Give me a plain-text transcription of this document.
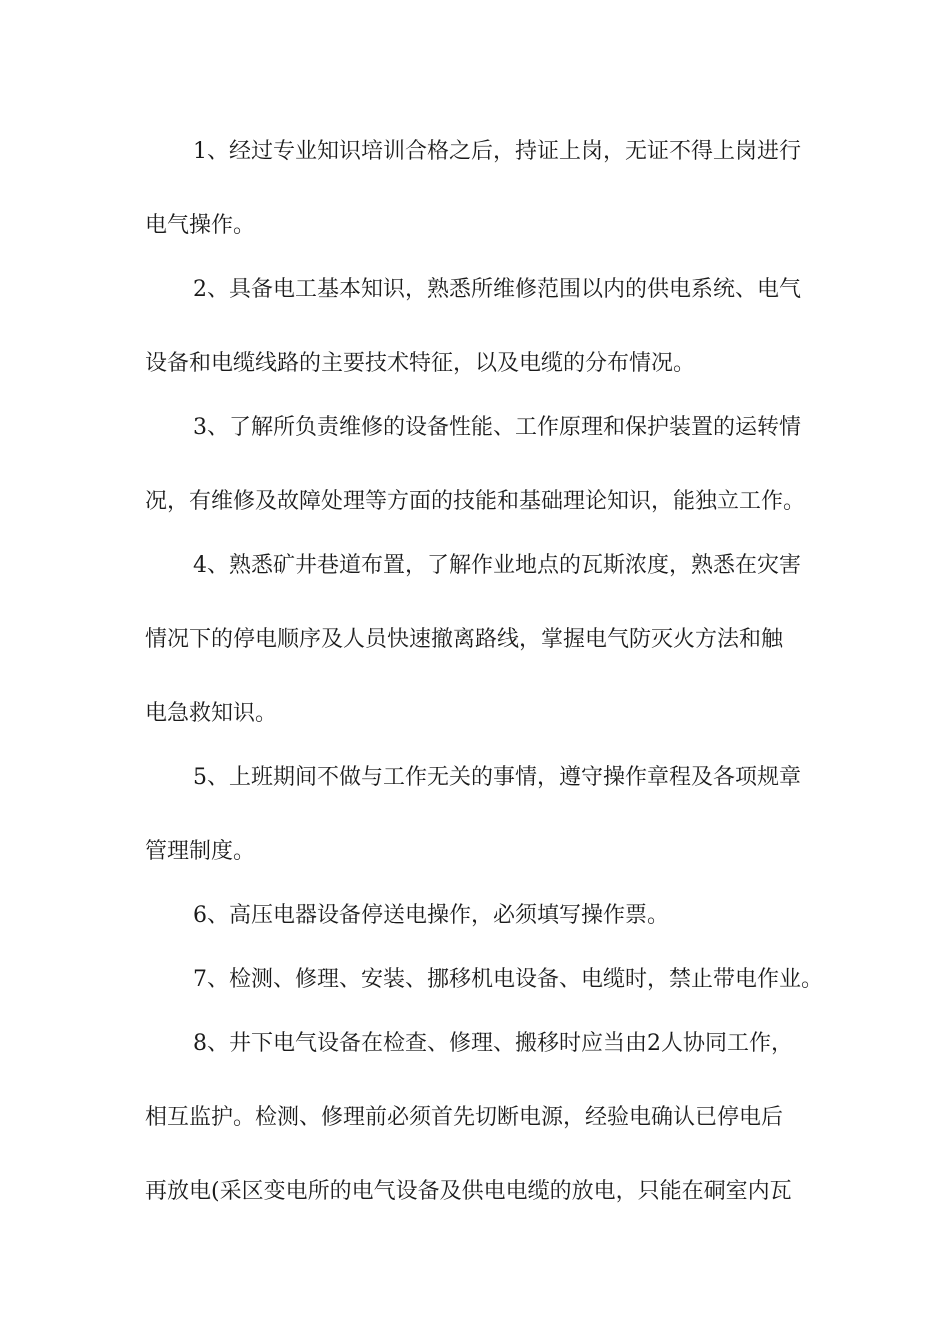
1、经过专业知识培训合格之后，持证上岗，无证不得上岗进行
电气操作。
2、具备电工基本知识，熟悉所维修范围以内的供电系统、电气
设备和电缆线路的主要技术特征，以及电缆的分布情况。
3、了解所负责维修的设备性能、工作原理和保护装置的运转情
况，有维修及故障处理等方面的技能和基础理论知识，能独立工作。
4、熟悉矿井巷道布置，了解作业地点的瓦斯浓度，熟悉在灾害
情况下的停电顺序及人员快速撤离路线，掌握电气防灭火方法和触
电急救知识。
5、上班期间不做与工作无关的事情，遵守操作章程及各项规章
管理制度。
6、高压电器设备停送电操作，必须填写操作票。
7、检测、修理、安装、挪移机电设备、电缆时，禁止带电作业。
8、井下电气设备在检查、修理、搬移时应当由2人协同工作，
相互监护。检测、修理前必须首先切断电源，经验电确认已停电后
再放电(采区变电所的电气设备及供电电缆的放电，只能在硐室内瓦
